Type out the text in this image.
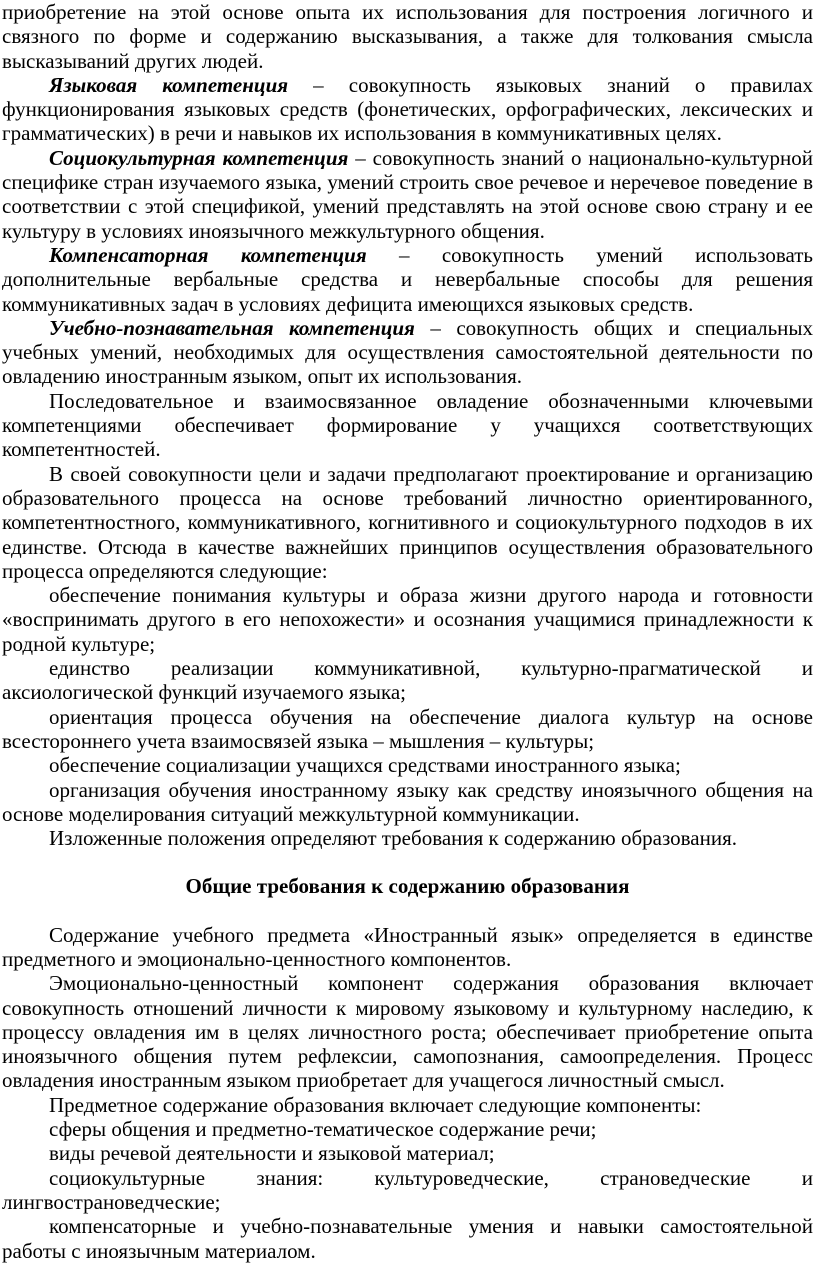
приобретение на этой основе опыта их использования для построения логичного и связного по форме и содержанию высказывания, а также для толкования смысла высказываний других людей.

Языковая компетенция – совокупность языковых знаний о правилах функционирования языковых средств (фонетических, орфографических, лексических и грамматических) в речи и навыков их использования в коммуникативных целях.

Социокультурная компетенция – совокупность знаний о национально-культурной специфике стран изучаемого языка, умений строить свое речевое и неречевое поведение в соответствии с этой спецификой, умений представлять на этой основе свою страну и ее культуру в условиях иноязычного межкультурного общения.

Компенсаторная компетенция – совокупность умений использовать дополнительные вербальные средства и невербальные способы для решения коммуникативных задач в условиях дефицита имеющихся языковых средств.

Учебно-познавательная компетенция – совокупность общих и специальных учебных умений, необходимых для осуществления самостоятельной деятельности по овладению иностранным языком, опыт их использования.

Последовательное и взаимосвязанное овладение обозначенными ключевыми компетенциями обеспечивает формирование у учащихся соответствующих компетентностей.

В своей совокупности цели и задачи предполагают проектирование и организацию образовательного процесса на основе требований личностно ориентированного, компетентностного, коммуникативного, когнитивного и социокультурного подходов в их единстве. Отсюда в качестве важнейших принципов осуществления образовательного процесса определяются следующие:

обеспечение понимания культуры и образа жизни другого народа и готовности «воспринимать другого в его непохожести» и осознания учащимися принадлежности к родной культуре;

единство реализации коммуникативной, культурно-прагматической и аксиологической функций изучаемого языка;

ориентация процесса обучения на обеспечение диалога культур на основе всестороннего учета взаимосвязей языка – мышления – культуры;

обеспечение социализации учащихся средствами иностранного языка;

организация обучения иностранному языку как средству иноязычного общения на основе моделирования ситуаций межкультурной коммуникации.

Изложенные положения определяют требования к содержанию образования.

Общие требования к содержанию образования

Содержание учебного предмета «Иностранный язык» определяется в единстве предметного и эмоционально-ценностного компонентов.

Эмоционально-ценностный компонент содержания образования включает совокупность отношений личности к мировому языковому и культурному наследию, к процессу овладения им в целях личностного роста; обеспечивает приобретение опыта иноязычного общения путем рефлексии, самопознания, самоопределения. Процесс овладения иностранным языком приобретает для учащегося личностный смысл.

Предметное содержание образования включает следующие компоненты:

сферы общения и предметно-тематическое содержание речи;

виды речевой деятельности и языковой материал;

социокультурные знания: культуроведческие, страноведческие и лингвострановедческие;

компенсаторные и учебно-познавательные умения и навыки самостоятельной работы с иноязычным материалом.
